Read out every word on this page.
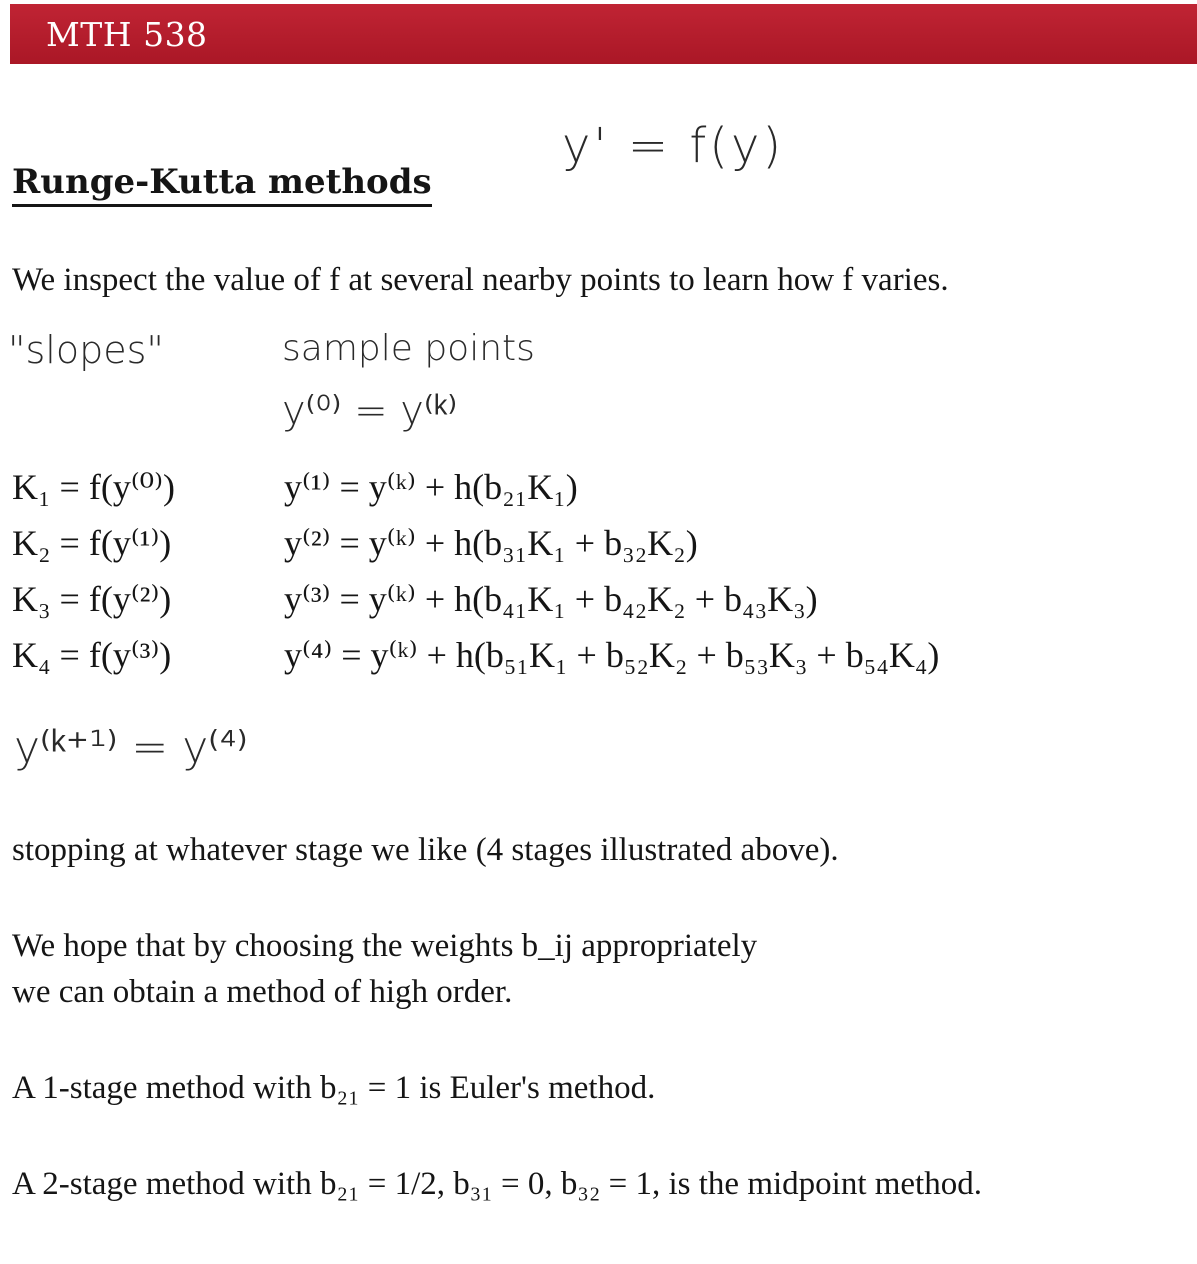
MTH 538
y' = f(y)
Runge-Kutta methods
We inspect the value of f at several nearby points to learn how f varies.
"slopes"	sample points
y⁽⁰⁾ = y⁽ᵏ⁾
K₁ = f(y⁽⁰⁾)
K₂ = f(y⁽¹⁾)
K₃ = f(y⁽²⁾)
K₄ = f(y⁽³⁾)
y⁽¹⁾ = y⁽ᵏ⁾ + h(b₂₁K₁)
y⁽²⁾ = y⁽ᵏ⁾ + h(b₃₁K₁ + b₃₂K₂)
y⁽³⁾ = y⁽ᵏ⁾ + h(b₄₁K₁ + b₄₂K₂ + b₄₃K₃)
y⁽⁴⁾ = y⁽ᵏ⁾ + h(b₅₁K₁ + b₅₂K₂ + b₅₃K₃ + b₅₄K₄)
y⁽ᵏ⁺¹⁾ = y⁽⁴⁾
stopping at whatever stage we like (4 stages illustrated above).
We hope that by choosing the weights b_ij appropriately
we can obtain a method of high order.
A 1-stage method with b₂₁ = 1 is Euler's method.
A 2-stage method with b₂₁ = 1/2, b₃₁ = 0, b₃₂ = 1, is the midpoint method.
